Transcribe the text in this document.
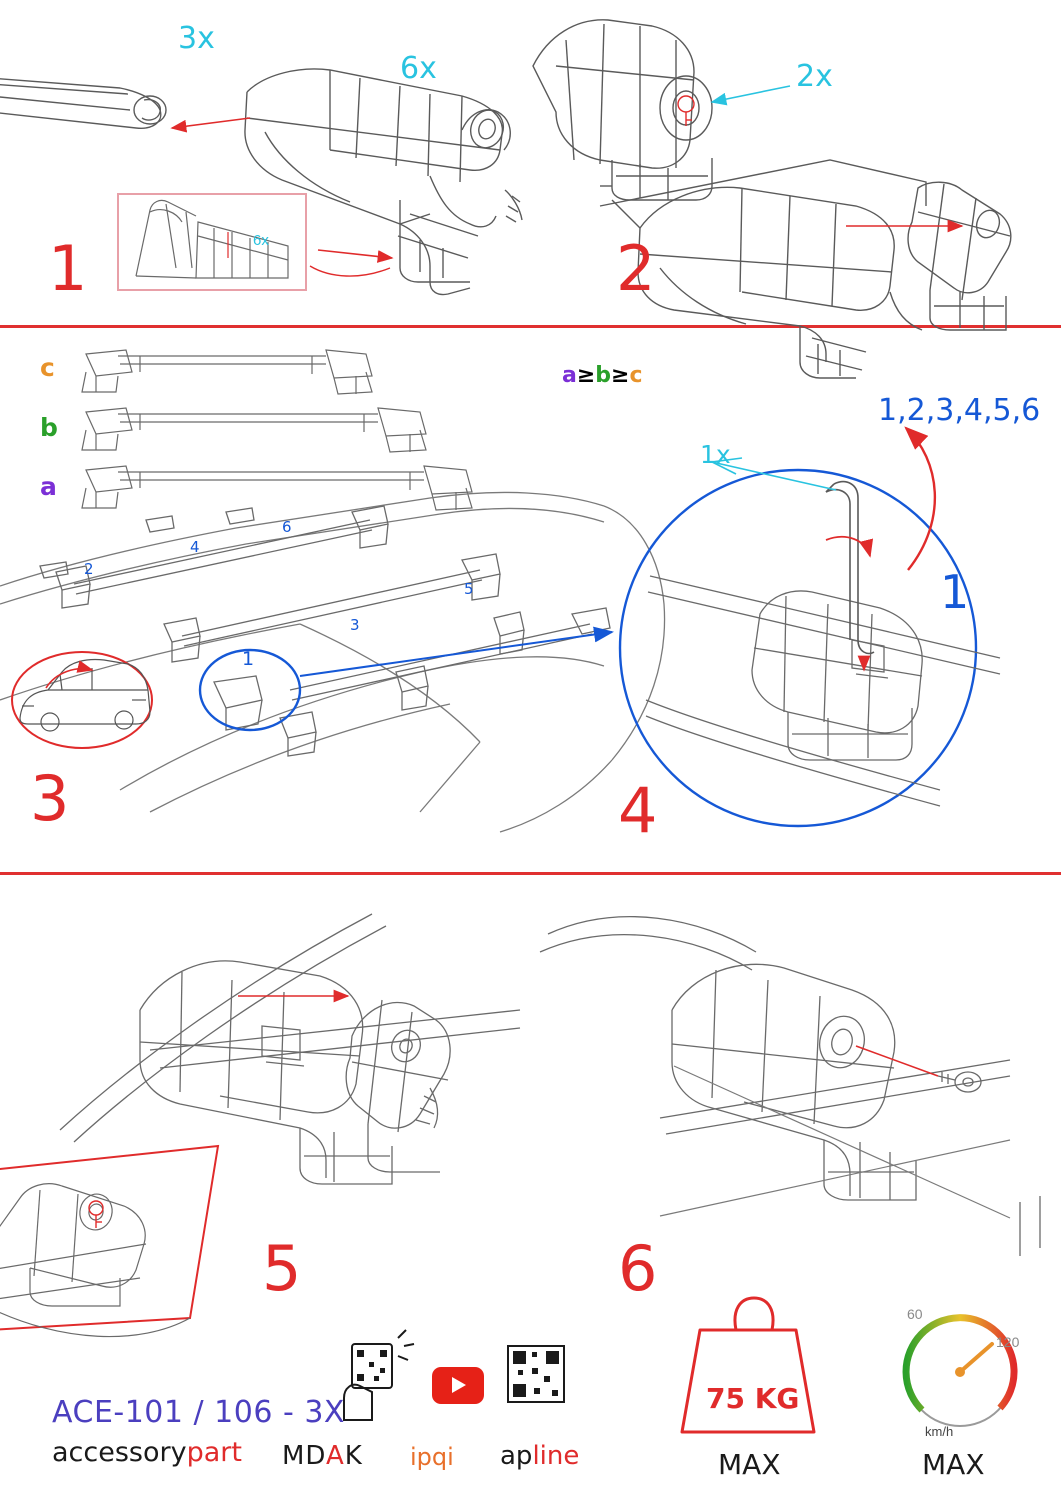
3x
6x
6x
2x
1	2
3	4
5	6
c
b
a
a≥b≥c
2
4
6
3
5
1
1x
1,2,3,4,5,6
1
ACE-101 / 106 - 3X
accessorypart MDAK ipqi apline
75 KG
MAX	MAX
km/h
60
120
